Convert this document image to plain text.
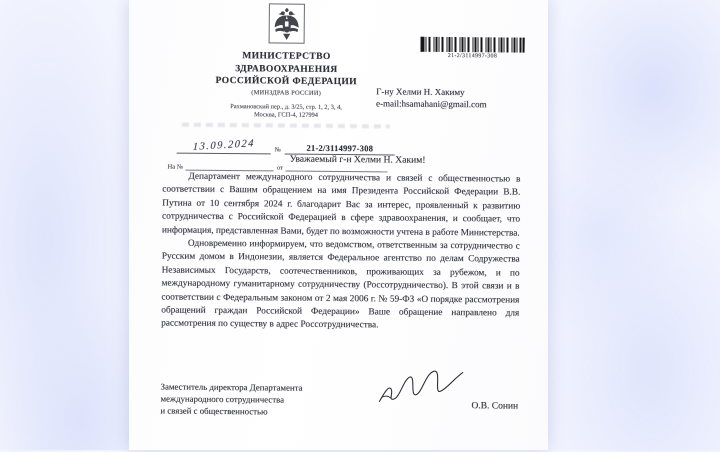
МИНИСТЕРСТВО
ЗДРАВООХРАНЕНИЯ
РОССИЙСКОЙ ФЕДЕРАЦИИ
(МИНЗДРАВ РОССИИ)
Рахмановский пер., д. 3/25, стр. 1, 2, 3, 4,
Москва, ГСП-4, 127994
13.09.2024	№	21-2/3114997-308
На №	от
21-2/3114997-308
Г-ну Хелми Н. Хакиму
e-mail:hsamahani@gmail.com
Уважаемый г-н Хелми Н. Хаким!

Департамент международного сотрудничества и связей с общественностью в соответствии с Вашим обращением на имя Президента Российской Федерации В.В. Путина от 10 сентября 2024 г. благодарит Вас за интерес, проявленный к развитию сотрудничества с Российской Федерацией в сфере здравоохранения, и сообщает, что информация, представленная Вами, будет по возможности учтена в работе Министерства.

Одновременно информируем, что ведомством, ответственным за сотрудничество с Русским домом в Индонезии, является Федеральное агентство по делам Содружества Независимых Государств, соотечественников, проживающих за рубежом, и по международному гуманитарному сотрудничеству (Россотрудничество). В этой связи и в соответствии с Федеральным законом от 2 мая 2006 г. № 59-ФЗ «О порядке рассмотрения обращений граждан Российской Федерации» Ваше обращение направлено для рассмотрения по существу в адрес Россотрудничества.

Заместитель директора Департамента
международного сотрудничества
и связей с общественностью	О.В. Сонин
